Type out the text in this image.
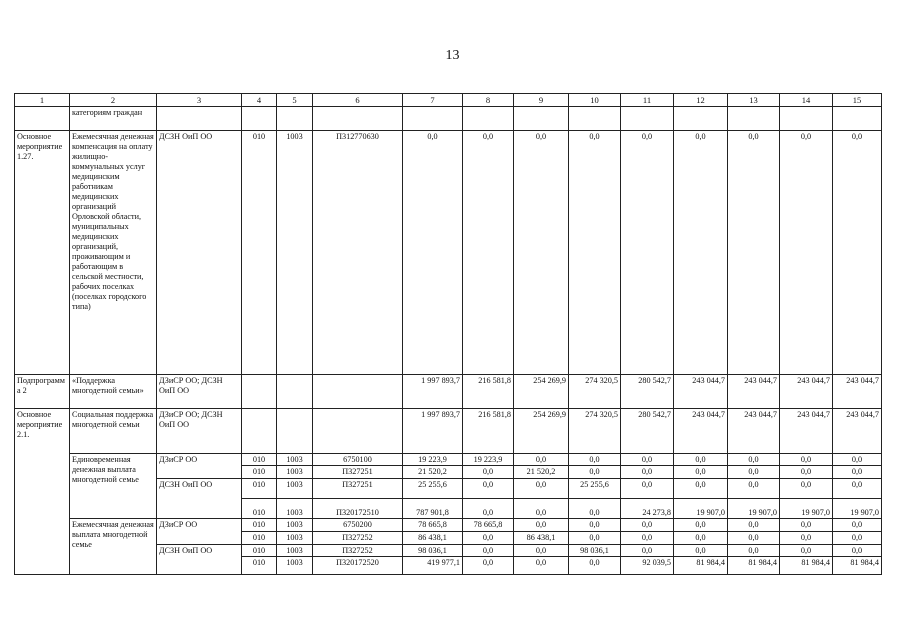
13
1	2	3	4	5	6	7	8	9	10	11	12	13	14	15
	категориям граждан													
Основное мероприятие 1.27.	Ежемесячная денежная компенсация на оплату жилищно-коммунальных услуг медицинским работникам медицинских организаций Орловской области, муниципальных медицинских организаций, проживающим и работающим в сельской местности, рабочих поселках (поселках городского типа)	ДСЗН ОиП ОО	010	1003	П312770630	0,0	0,0	0,0	0,0	0,0	0,0	0,0	0,0	0,0
Подпрограмма 2	«Поддержка многодетной семьи»	ДЗиСР ОО; ДСЗН ОиП ОО				1 997 893,7	216 581,8	254 269,9	274 320,5	280 542,7	243 044,7	243 044,7	243 044,7	243 044,7
Основное мероприятие 2.1.	Социальная поддержка многодетной семьи	ДЗиСР ОО; ДСЗН ОиП ОО				1 997 893,7	216 581,8	254 269,9	274 320,5	280 542,7	243 044,7	243 044,7	243 044,7	243 044,7
	Единовременная денежная выплата многодетной семье	ДЗиСР ОО	010	1003	6750100	19 223,9	19 223,9	0,0	0,0	0,0	0,0	0,0	0,0	0,0
			010	1003	П327251	21 520,2	0,0	21 520,2	0,0	0,0	0,0	0,0	0,0	0,0
		ДСЗН ОиП ОО	010	1003	П327251	25 255,6	0,0	0,0	25 255,6	0,0	0,0	0,0	0,0	0,0
			010	1003	П320172510	787 901,8	0,0	0,0	0,0	24 273,8	19 907,0	19 907,0	19 907,0	19 907,0
	Ежемесячная денежная выплата многодетной семье	ДЗиСР ОО	010	1003	6750200	78 665,8	78 665,8	0,0	0,0	0,0	0,0	0,0	0,0	0,0
			010	1003	П327252	86 438,1	0,0	86 438,1	0,0	0,0	0,0	0,0	0,0	0,0
		ДСЗН ОиП ОО	010	1003	П327252	98 036,1	0,0	0,0	98 036,1	0,0	0,0	0,0	0,0	0,0
			010	1003	П320172520	419 977,1	0,0	0,0	0,0	92 039,5	81 984,4	81 984,4	81 984,4	81 984,4
